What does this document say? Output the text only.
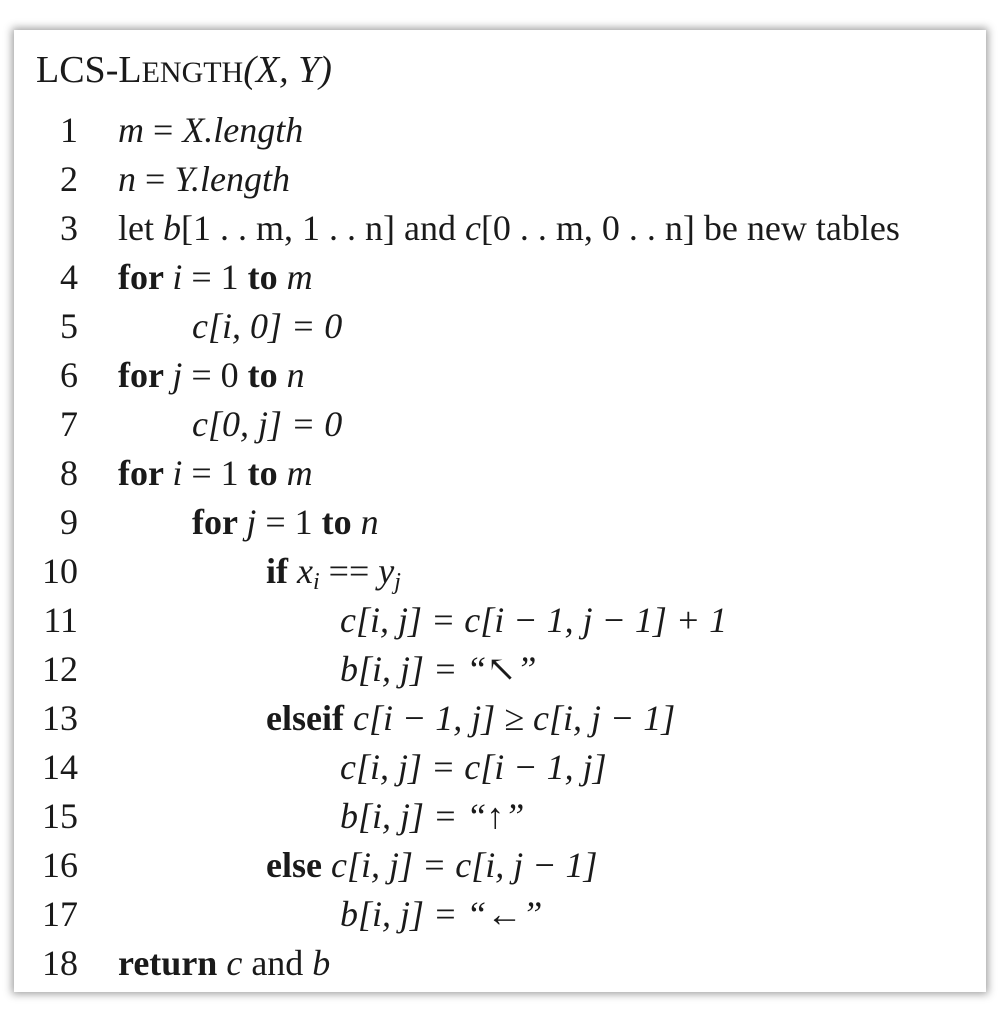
LCS-LENGTH(X, Y)
1 m = X.length
2 n = Y.length
3 let b[1 . . m, 1 . . n] and c[0 . . m, 0 . . n] be new tables
4 for i = 1 to m
5	c[i, 0] = 0
6 for j = 0 to n
7	c[0, j] = 0
8 for i = 1 to m
9	for j = 1 to n
10	if $x_i == y_j$
11	c[i, j] = c[i − 1, j − 1] + 1
12	b[i, j] = “↖”
13	elseif c[i − 1, j] ≥ c[i, j − 1]
14	c[i, j] = c[i − 1, j]
15	b[i, j] = “↑”
16	else c[i, j] = c[i, j − 1]
17	b[i, j] = “←”
18 return c and b
